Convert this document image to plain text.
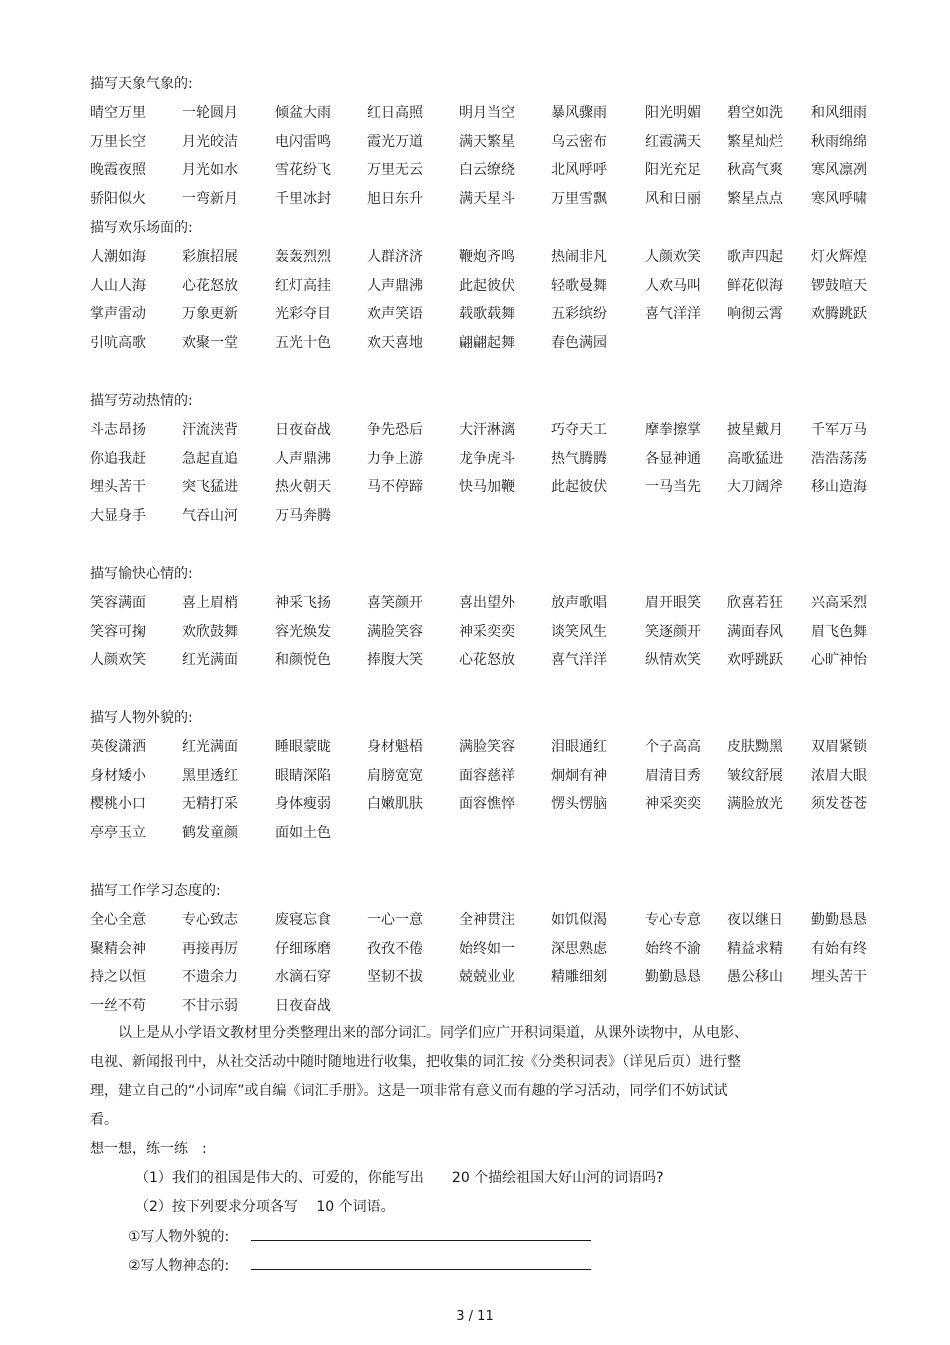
描写天象气象的:
晴空万里	一轮圆月	倾盆大雨	红日高照	明月当空	暴风骤雨	阳光明媚 碧空如洗 和风细雨
万里长空	月光皎洁	电闪雷鸣	霞光万道	满天繁星	乌云密布	红霞满天 繁星灿烂 秋雨绵绵
晚霞夜照	月光如水	雪花纷飞	万里无云	白云缭绕	北风呼呼	阳光充足 秋高气爽 寒风凛冽
骄阳似火	一弯新月	千里冰封	旭日东升	满天星斗	万里雪飘	风和日丽 繁星点点 寒风呼啸
描写欢乐场面的:
人潮如海	彩旗招展	轰轰烈烈	人群济济	鞭炮齐鸣	热闹非凡	人颜欢笑 歌声四起 灯火辉煌
人山人海	心花怒放	红灯高挂	人声鼎沸	此起彼伏	轻歌曼舞	人欢马叫 鲜花似海 锣鼓喧天
掌声雷动	万象更新	光彩夺目	欢声笑语	载歌载舞	五彩缤纷	喜气洋洋 响彻云霄 欢腾跳跃
引吭高歌	欢聚一堂	五光十色	欢天喜地	翩翩起舞	春色满园
描写劳动热情的:
斗志昂扬	汗流浃背	日夜奋战	争先恐后	大汗淋漓	巧夺天工	摩拳擦掌 披星戴月 千军万马
你追我赶	急起直追	人声鼎沸	力争上游	龙争虎斗	热气腾腾	各显神通 高歌猛进 浩浩荡荡
埋头苦干	突飞猛进	热火朝天	马不停蹄	快马加鞭	此起彼伏	一马当先 大刀阔斧 移山造海
大显身手	气吞山河	万马奔腾
描写愉快心情的:
笑容满面	喜上眉梢	神采飞扬	喜笑颜开	喜出望外	放声歌唱	眉开眼笑 欣喜若狂 兴高采烈
笑容可掬	欢欣鼓舞	容光焕发	满脸笑容	神采奕奕	谈笑风生	笑逐颜开 满面春风 眉飞色舞
人颜欢笑	红光满面	和颜悦色	捧腹大笑	心花怒放	喜气洋洋	纵情欢笑 欢呼跳跃 心旷神怡
描写人物外貌的:
英俊潇洒	红光满面	睡眼蒙眬	身材魁梧	满脸笑容	泪眼通红	个子高高 皮肤黝黑 双眉紧锁
身材矮小	黑里透红	眼睛深陷	肩膀宽宽	面容慈祥	炯炯有神	眉清目秀 皱纹舒展 浓眉大眼
樱桃小口	无精打采	身体瘦弱	白嫩肌肤	面容憔悴	愣头愣脑	神采奕奕 满脸放光 须发苍苍
亭亭玉立	鹤发童颜	面如土色
描写工作学习态度的:
全心全意	专心致志	废寝忘食	一心一意	全神贯注	如饥似渴	专心专意 夜以继日 勤勤恳恳
聚精会神	再接再厉	仔细琢磨	孜孜不倦	始终如一	深思熟虑	始终不渝 精益求精 有始有终
持之以恒	不遗余力	水滴石穿	坚韧不拔	兢兢业业	精雕细刻	勤勤恳恳 愚公移山 埋头苦干
一丝不苟	不甘示弱	日夜奋战
以上是从小学语文教材里分类整理出来的部分词汇。同学们应广开积词渠道，从课外读物中，从电影、
电视、新闻报刊中，从社交活动中随时随地进行收集，把收集的词汇按《分类积词表》（详见后页）进行整
理，建立自己的“小词库”或自编《词汇手册》。这是一项非常有意义而有趣的学习活动，同学们不妨试试
看。
想一想，练一练　:
（1）我们的祖国是伟大的、可爱的，你能写出　　20 个描绘祖国大好山河的词语吗?
（2）按下列要求分项各写　 10 个词语。
①写人物外貌的:
②写人物神态的:
3 / 11
